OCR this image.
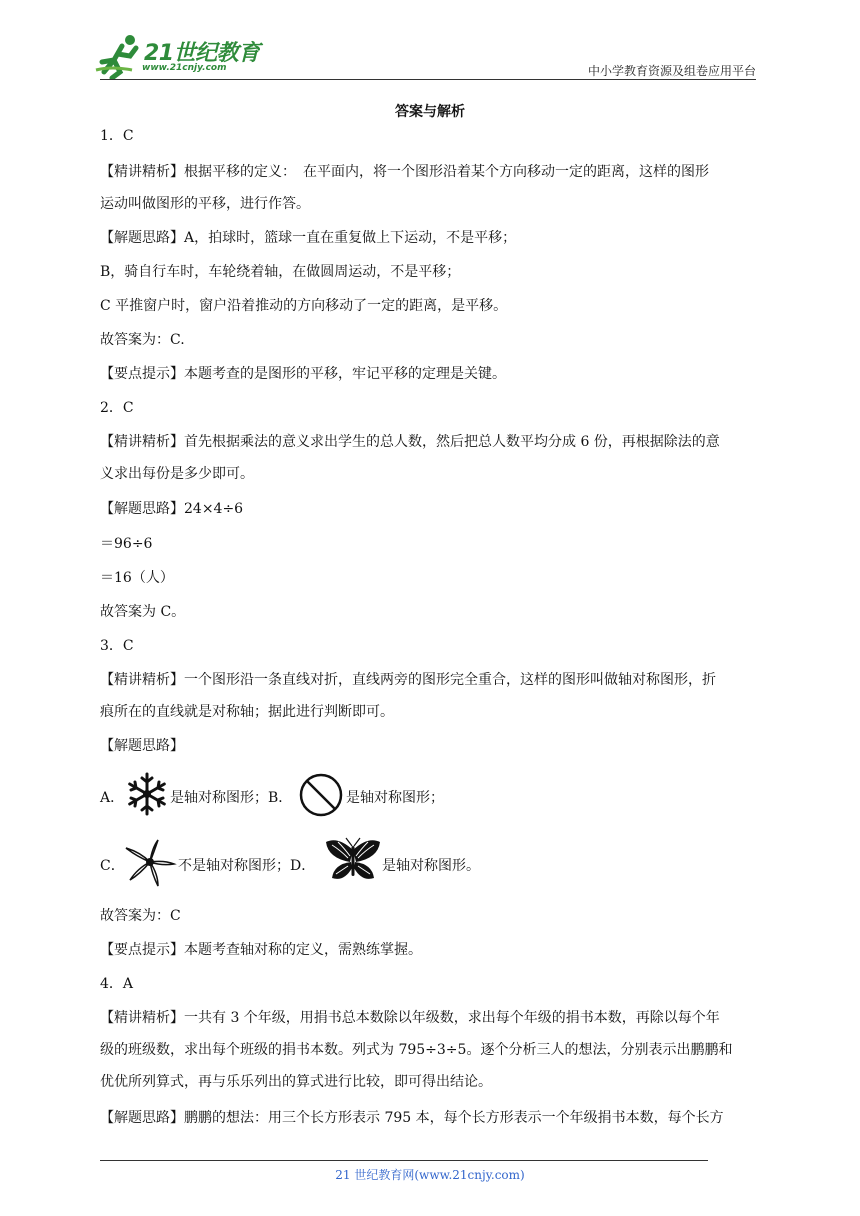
21世纪教育
www.21cnjy.com	中小学教育资源及组卷应用平台
答案与解析
1．C
【精讲精析】根据平移的定义：　在平面内，将一个图形沿着某个方向移动一定的距离，这样的图形
运动叫做图形的平移，进行作答。
【解题思路】A，拍球时，篮球一直在重复做上下运动，不是平移；
B，骑自行车时，车轮绕着轴，在做圆周运动，不是平移；
C 平推窗户时，窗户沿着推动的方向移动了一定的距离，是平移。
故答案为：C.
【要点提示】本题考查的是图形的平移，牢记平移的定理是关键。
2．C
【精讲精析】首先根据乘法的意义求出学生的总人数，然后把总人数平均分成 6 份，再根据除法的意
义求出每份是多少即可。
【解题思路】24×4÷6
＝96÷6
＝16（人）
故答案为 C。
3．C
【精讲精析】一个图形沿一条直线对折，直线两旁的图形完全重合，这样的图形叫做轴对称图形，折
痕所在的直线就是对称轴；据此进行判断即可。
【解题思路】
A．	是轴对称图形；B．	是轴对称图形；
C．	不是轴对称图形；D．	是轴对称图形。
故答案为：C
【要点提示】本题考查轴对称的定义，需熟练掌握。
4．A
【精讲精析】一共有 3 个年级，用捐书总本数除以年级数，求出每个年级的捐书本数，再除以每个年
级的班级数，求出每个班级的捐书本数。列式为 795÷3÷5。逐个分析三人的想法，分别表示出鹏鹏和
优优所列算式，再与乐乐列出的算式进行比较，即可得出结论。
【解题思路】鹏鹏的想法：用三个长方形表示 795 本，每个长方形表示一个年级捐书本数，每个长方
21 世纪教育网(www.21cnjy.com)
